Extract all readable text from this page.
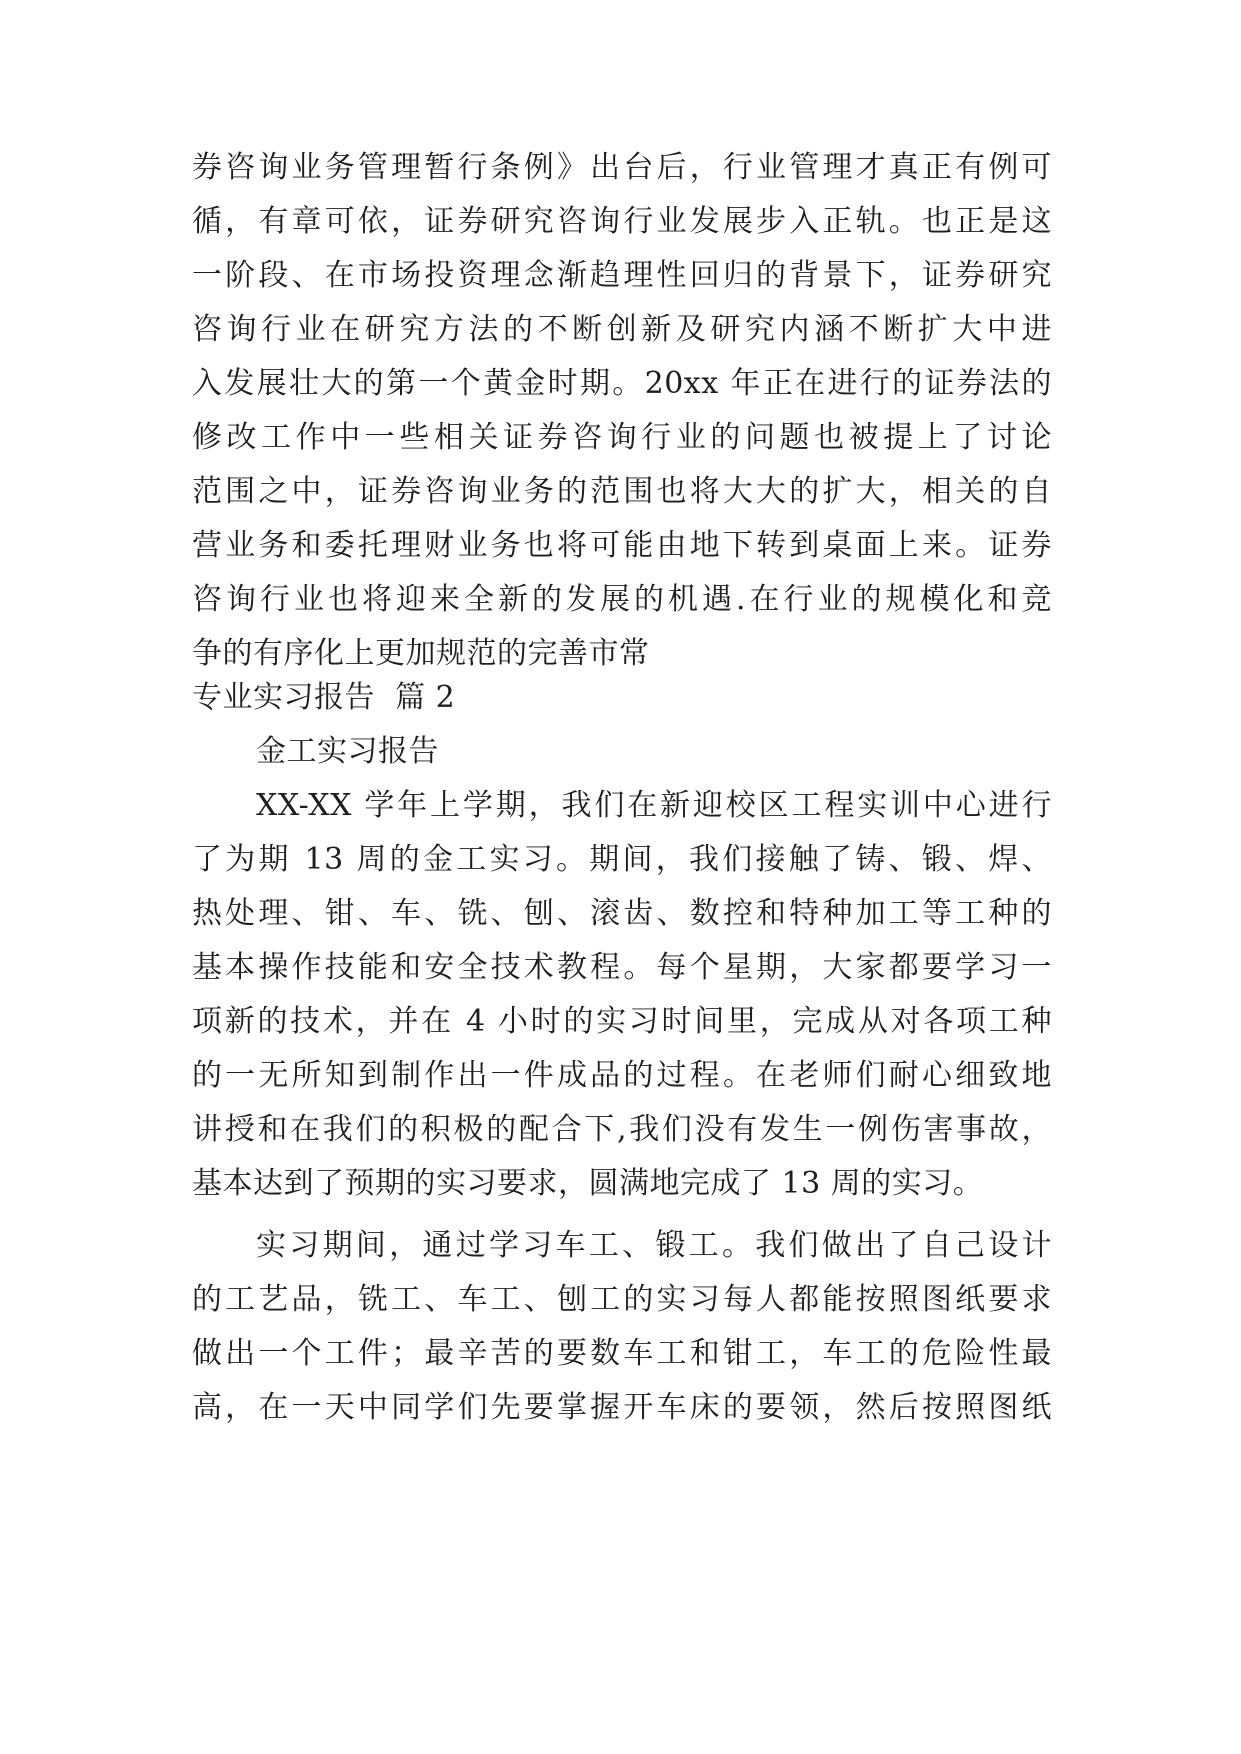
券咨询业务管理暂行条例》出台后，行业管理才真正有例可
循，有章可依，证券研究咨询行业发展步入正轨。也正是这
一阶段、在市场投资理念渐趋理性回归的背景下，证券研究
咨询行业在研究方法的不断创新及研究内涵不断扩大中进
入发展壮大的第一个黄金时期。20xx 年正在进行的证券法的
修改工作中一些相关证券咨询行业的问题也被提上了讨论
范围之中，证券咨询业务的范围也将大大的扩大，相关的自
营业务和委托理财业务也将可能由地下转到桌面上来。证券
咨询行业也将迎来全新的发展的机遇.在行业的规模化和竞
争的有序化上更加规范的完善市常
专业实习报告  篇 2
金工实习报告
XX-XX 学年上学期，我们在新迎校区工程实训中心进行
了为期 13 周的金工实习。期间，我们接触了铸、锻、焊、
热处理、钳、车、铣、刨、滚齿、数控和特种加工等工种的
基本操作技能和安全技术教程。每个星期，大家都要学习一
项新的技术，并在 4 小时的实习时间里，完成从对各项工种
的一无所知到制作出一件成品的过程。在老师们耐心细致地
讲授和在我们的积极的配合下,我们没有发生一例伤害事故，
基本达到了预期的实习要求，圆满地完成了 13 周的实习。
实习期间，通过学习车工、锻工。我们做出了自己设计
的工艺品，铣工、车工、刨工的实习每人都能按照图纸要求
做出一个工件；最辛苦的要数车工和钳工，车工的危险性最
高，在一天中同学们先要掌握开车床的要领，然后按照图纸
